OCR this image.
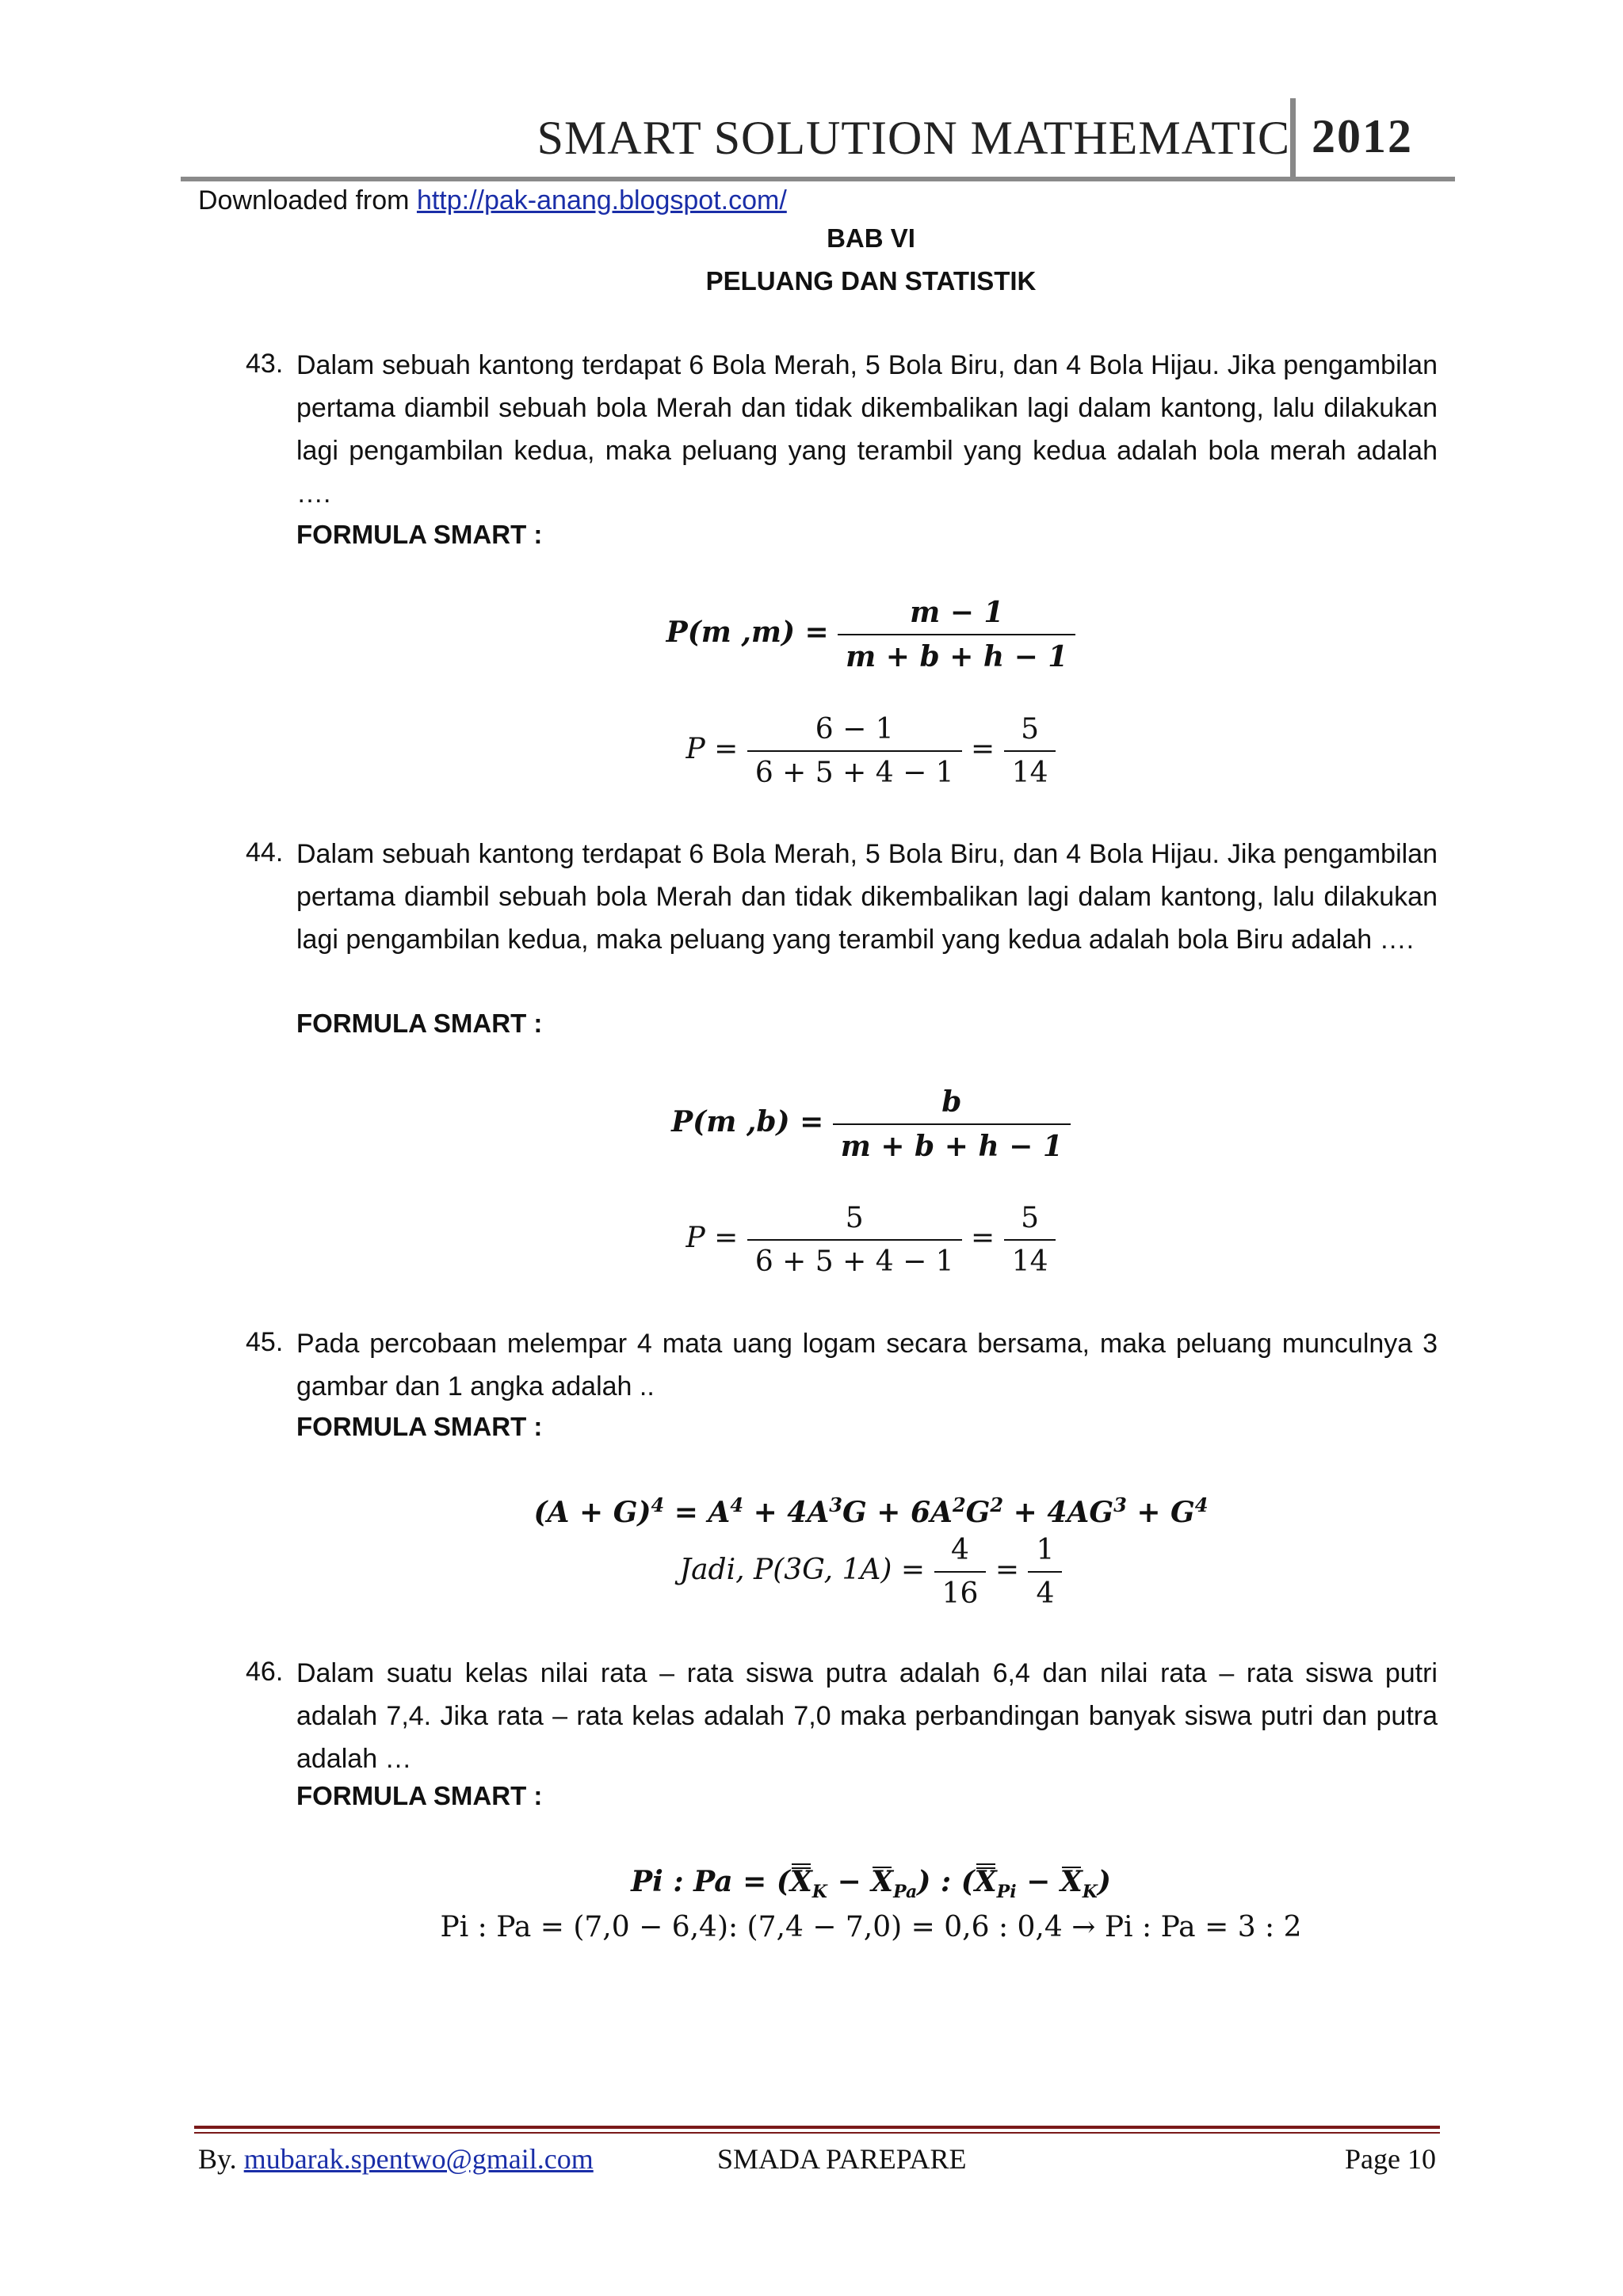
SMART SOLUTION MATHEMATIC 2012
Downloaded from http://pak-anang.blogspot.com/
BAB VI
PELUANG DAN STATISTIK
43. Dalam sebuah kantong terdapat 6 Bola Merah, 5 Bola Biru, dan 4 Bola Hijau. Jika pengambilan pertama diambil sebuah bola Merah dan tidak dikembalikan lagi dalam kantong, lalu dilakukan lagi pengambilan kedua, maka peluang yang terambil yang kedua adalah bola merah adalah ….
FORMULA SMART :
P(m $,m) = \frac{m - 1}{m + b + h - 1}$
$P = \frac{6 - 1}{6 + 5 + 4 - 1} = \frac{5}{14}$
44. Dalam sebuah kantong terdapat 6 Bola Merah, 5 Bola Biru, dan 4 Bola Hijau. Jika pengambilan pertama diambil sebuah bola Merah dan tidak dikembalikan lagi dalam kantong, lalu dilakukan lagi pengambilan kedua, maka peluang yang terambil yang kedua adalah bola Biru adalah ….
FORMULA SMART :
P(m $,b) = \frac{b}{m + b + h - 1}$
$P = \frac{5}{6 + 5 + 4 - 1} = \frac{5}{14}$
45. Pada percobaan melempar 4 mata uang logam secara bersama, maka peluang munculnya 3 gambar dan 1 angka adalah ..
FORMULA SMART :
$(A + G)^4 = A^4 + 4A^3G + 6A^2G^2 + 4AG^3 + G^4$
Jadi, P(3G, $1A) = \frac{4}{16} = \frac{1}{4}$
46. Dalam suatu kelas nilai rata – rata siswa putra adalah 6,4 dan nilai rata – rata siswa putri adalah 7,4. Jika rata – rata kelas adalah 7,0 maka perbandingan banyak siswa putri dan putra adalah …
FORMULA SMART :
Pi : $Pa = (X_K - X_{Pa})$ : $(X_{Pi} - X_K)$
Pi : Pa = (7,0 − 6,4): (7,4 − 7,0) = 0,6 : 0,4 → Pi : Pa = 3 : 2
By. mubarak.spentwo@gmail.com	SMADA PAREPARE	Page 10
